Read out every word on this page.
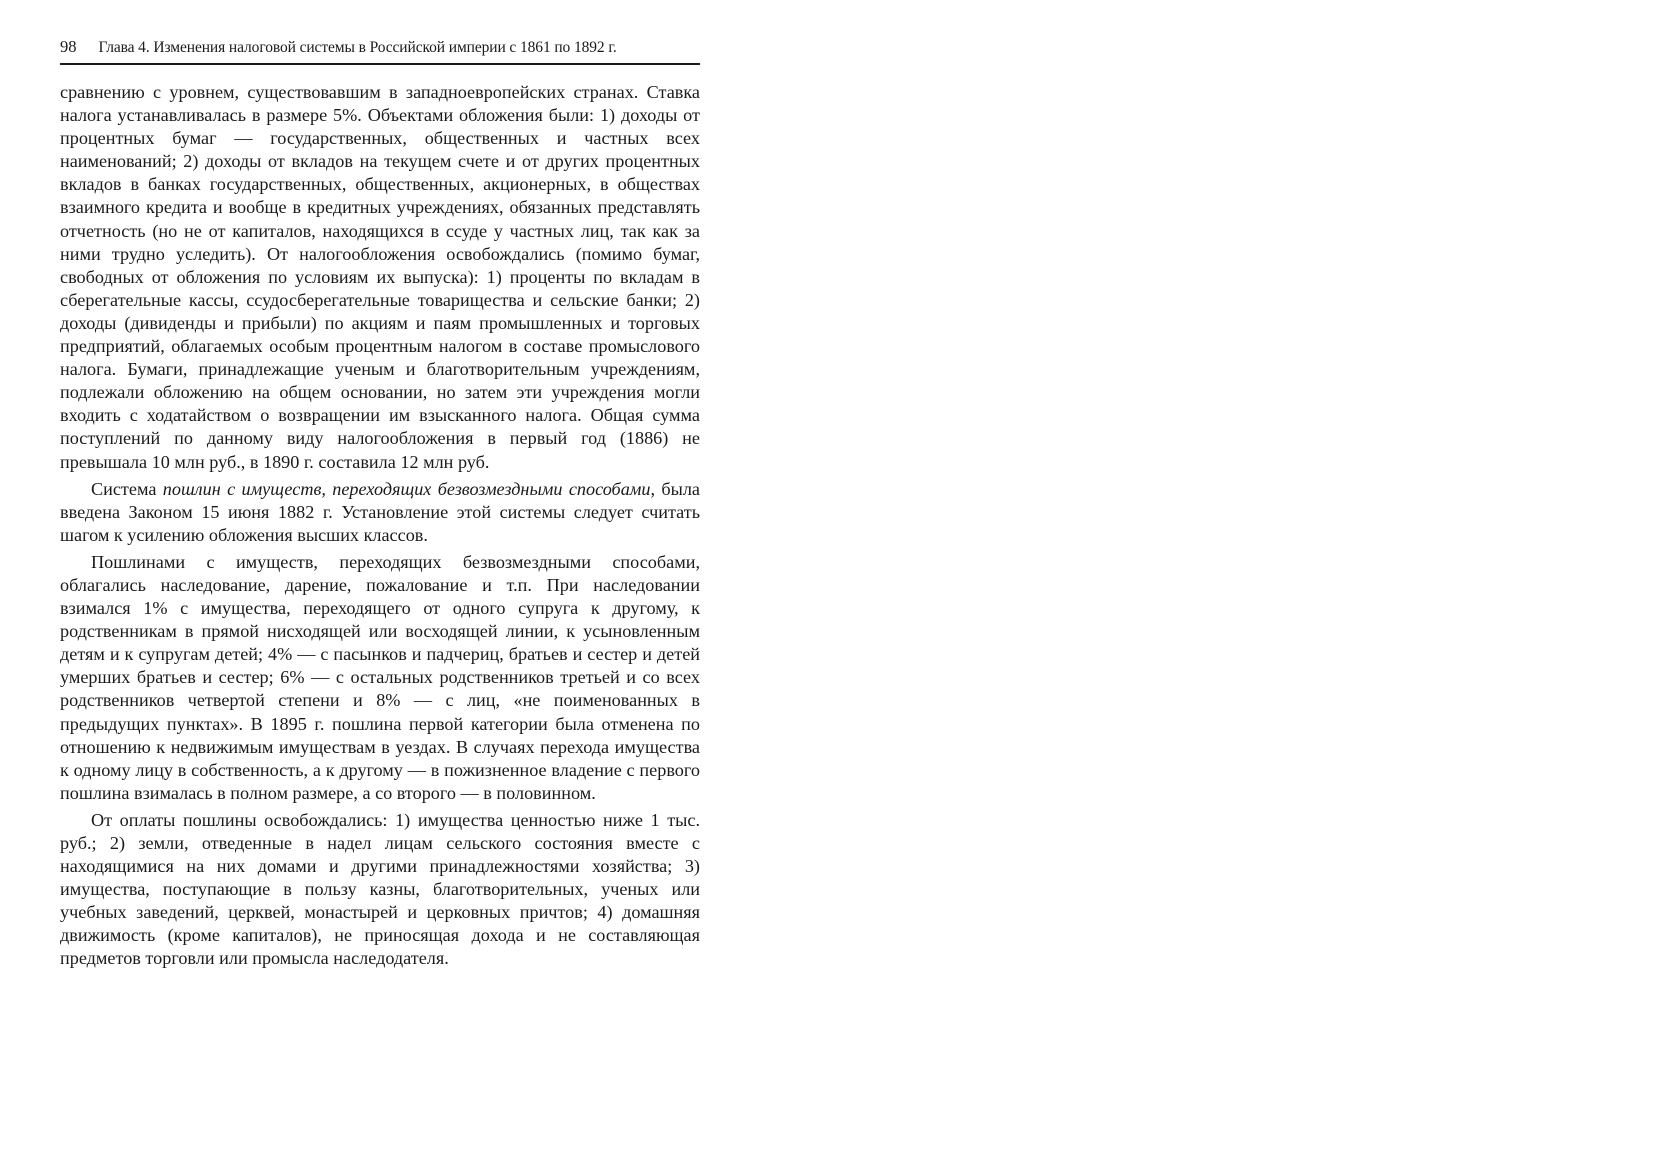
98 Глава 4. Изменения налоговой системы в Российской империи с 1861 по 1892 г.

сравнению с уровнем, существовавшим в западноевропейских странах. Ставка налога устанавливалась в размере 5%. Объектами обложения были: 1) доходы от процентных бумаг — государственных, общественных и частных всех наименований; 2) доходы от вкладов на текущем счете и от других процентных вкладов в банках государственных, общественных, акционерных, в обществах взаимного кредита и вообще в кредитных учреждениях, обязанных представлять отчетность (но не от капиталов, находящихся в ссуде у частных лиц, так как за ними трудно уследить). От налогообложения освобождались (помимо бумаг, свободных от обложения по условиям их выпуска): 1) проценты по вкладам в сберегательные кассы, ссудосберегательные товарищества и сельские банки; 2) доходы (дивиденды и прибыли) по акциям и паям промышленных и торговых предприятий, облагаемых особым процентным налогом в составе промыслового налога. Бумаги, принадлежащие ученым и благотворительным учреждениям, подлежали обложению на общем основании, но затем эти учреждения могли входить с ходатайством о возвращении им взысканного налога. Общая сумма поступлений по данному виду налогообложения в первый год (1886) не превышала 10 млн руб., в 1890 г. составила 12 млн руб.

Система пошлин с имуществ, переходящих безвозмездными способами, была введена Законом 15 июня 1882 г. Установление этой системы следует считать шагом к усилению обложения высших классов.

Пошлинами с имуществ, переходящих безвозмездными способами, облагались наследование, дарение, пожалование и т.п. При наследовании взимался 1% с имущества, переходящего от одного супруга к другому, к родственникам в прямой нисходящей или восходящей линии, к усыновленным детям и к супругам детей; 4% — с пасынков и падчериц, братьев и сестер и детей умерших братьев и сестер; 6% — с остальных родственников третьей и со всех родственников четвертой степени и 8% — с лиц, «не поименованных в предыдущих пунктах». В 1895 г. пошлина первой категории была отменена по отношению к недвижимым имуществам в уездах. В случаях перехода имущества к одному лицу в собственность, а к другому — в пожизненное владение с первого пошлина взималась в полном размере, а со второго — в половинном.

От оплаты пошлины освобождались: 1) имущества ценностью ниже 1 тыс. руб.; 2) земли, отведенные в надел лицам сельского состояния вместе с находящимися на них домами и другими принадлежностями хозяйства; 3) имущества, поступающие в пользу казны, благотворительных, ученых или учебных заведений, церквей, монастырей и церковных причтов; 4) домашняя движимость (кроме капиталов), не приносящая дохода и не составляющая предметов торговли или промысла наследодателя.
